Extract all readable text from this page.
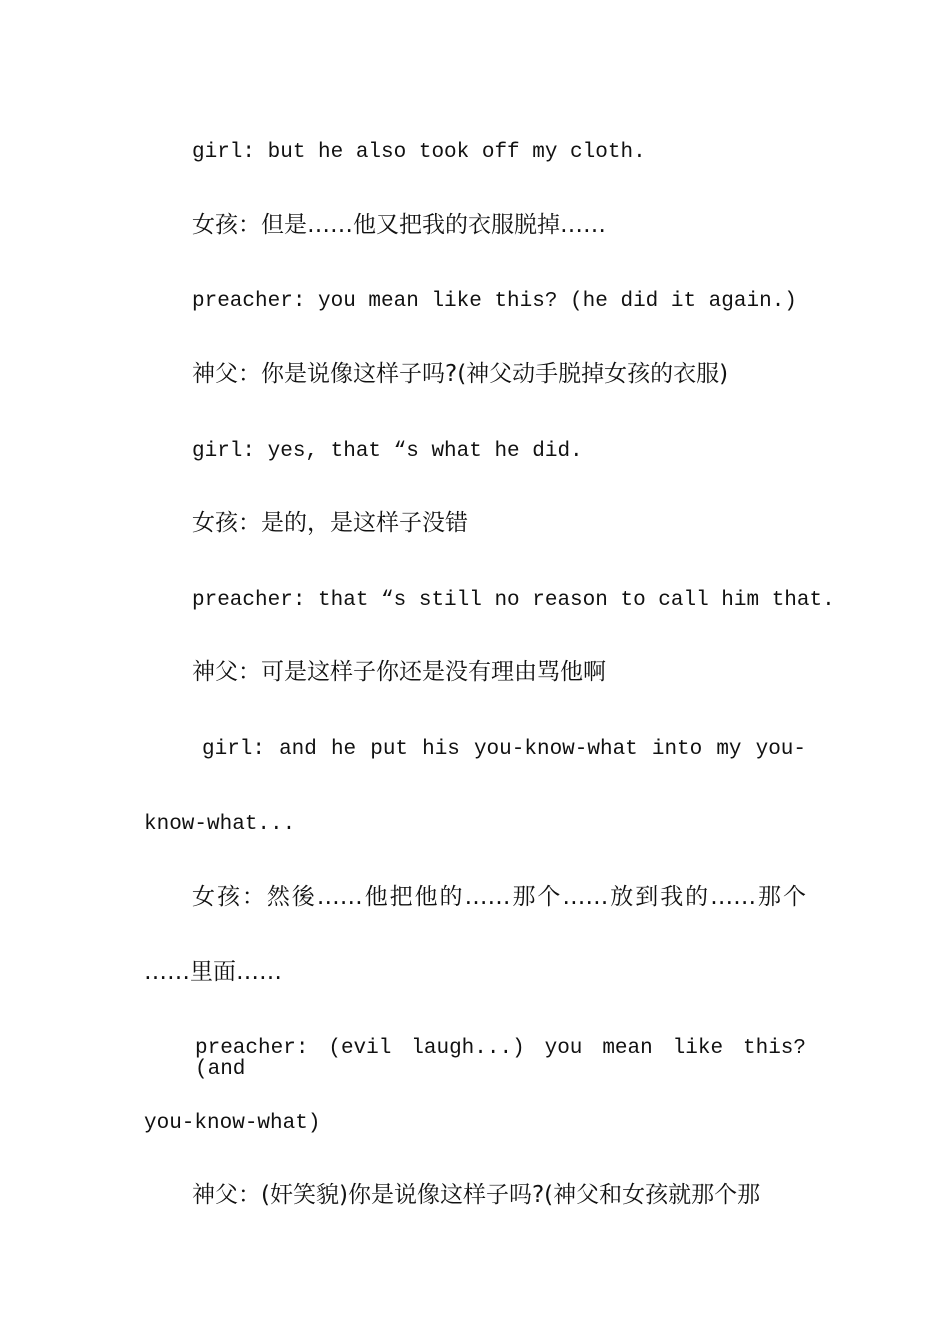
girl: but he also took off my cloth.
女孩：但是……他又把我的衣服脱掉……
preacher: you mean like this? (he did it again.)
神父：你是说像这样子吗?(神父动手脱掉女孩的衣服)
girl: yes, that “s what he did.
女孩：是的，是这样子没错
preacher: that “s still no reason to call him that.
神父：可是这样子你还是没有理由骂他啊
girl: and he put his you-know-what into my you-
know-what...
女孩：然後……他把他的……那个……放到我的……那个
……里面……
preacher: (evil laugh...) you mean like this? (and
you-know-what)
神父：(奸笑貌)你是说像这样子吗?(神父和女孩就那个那
